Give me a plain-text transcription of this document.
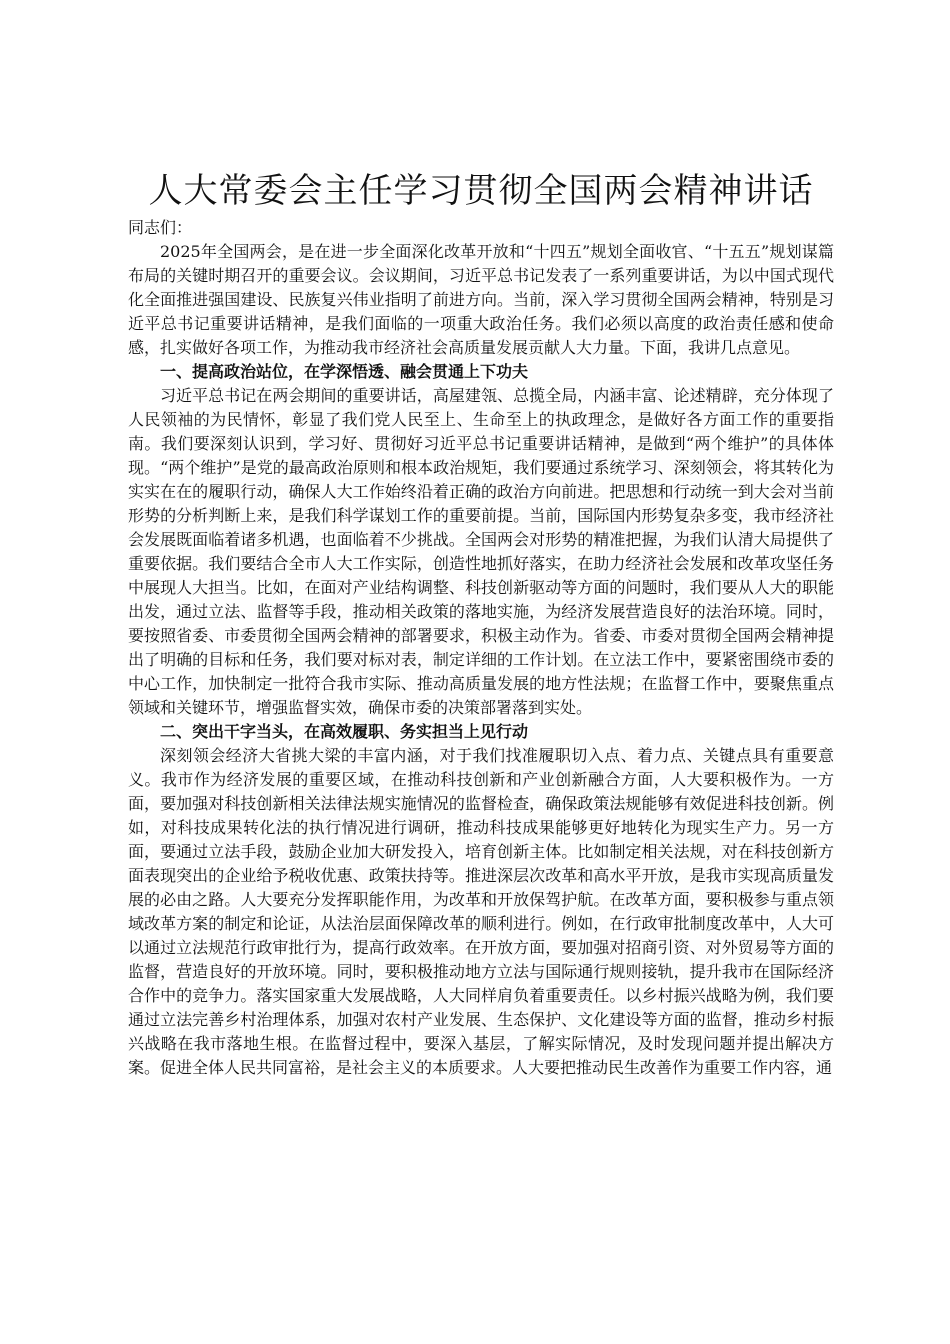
人大常委会主任学习贯彻全国两会精神讲话

同志们：

2025年全国两会，是在进一步全面深化改革开放和“十四五”规划全面收官、“十五五”规划谋篇布局的关键时期召开的重要会议。会议期间，习近平总书记发表了一系列重要讲话，为以中国式现代化全面推进强国建设、民族复兴伟业指明了前进方向。当前，深入学习贯彻全国两会精神，特别是习近平总书记重要讲话精神，是我们面临的一项重大政治任务。我们必须以高度的政治责任感和使命感，扎实做好各项工作，为推动我市经济社会高质量发展贡献人大力量。下面，我讲几点意见。

一、提高政治站位，在学深悟透、融会贯通上下功夫

习近平总书记在两会期间的重要讲话，高屋建瓴、总揽全局，内涵丰富、论述精辟，充分体现了人民领袖的为民情怀，彰显了我们党人民至上、生命至上的执政理念，是做好各方面工作的重要指南。我们要深刻认识到，学习好、贯彻好习近平总书记重要讲话精神，是做到“两个维护”的具体体现。“两个维护”是党的最高政治原则和根本政治规矩，我们要通过系统学习、深刻领会，将其转化为实实在在的履职行动，确保人大工作始终沿着正确的政治方向前进。把思想和行动统一到大会对当前形势的分析判断上来，是我们科学谋划工作的重要前提。当前，国际国内形势复杂多变，我市经济社会发展既面临着诸多机遇，也面临着不少挑战。全国两会对形势的精准把握，为我们认清大局提供了重要依据。我们要结合全市人大工作实际，创造性地抓好落实，在助力经济社会发展和改革攻坚任务中展现人大担当。比如，在面对产业结构调整、科技创新驱动等方面的问题时，我们要从人大的职能出发，通过立法、监督等手段，推动相关政策的落地实施，为经济发展营造良好的法治环境。同时，要按照省委、市委贯彻全国两会精神的部署要求，积极主动作为。省委、市委对贯彻全国两会精神提出了明确的目标和任务，我们要对标对表，制定详细的工作计划。在立法工作中，要紧密围绕市委的中心工作，加快制定一批符合我市实际、推动高质量发展的地方性法规；在监督工作中，要聚焦重点领域和关键环节，增强监督实效，确保市委的决策部署落到实处。

二、突出干字当头，在高效履职、务实担当上见行动

深刻领会经济大省挑大梁的丰富内涵，对于我们找准履职切入点、着力点、关键点具有重要意义。我市作为经济发展的重要区域，在推动科技创新和产业创新融合方面，人大要积极作为。一方面，要加强对科技创新相关法律法规实施情况的监督检查，确保政策法规能够有效促进科技创新。例如，对科技成果转化法的执行情况进行调研，推动科技成果能够更好地转化为现实生产力。另一方面，要通过立法手段，鼓励企业加大研发投入，培育创新主体。比如制定相关法规，对在科技创新方面表现突出的企业给予税收优惠、政策扶持等。推进深层次改革和高水平开放，是我市实现高质量发展的必由之路。人大要充分发挥职能作用，为改革和开放保驾护航。在改革方面，要积极参与重点领域改革方案的制定和论证，从法治层面保障改革的顺利进行。例如，在行政审批制度改革中，人大可以通过立法规范行政审批行为，提高行政效率。在开放方面，要加强对招商引资、对外贸易等方面的监督，营造良好的开放环境。同时，要积极推动地方立法与国际通行规则接轨，提升我市在国际经济合作中的竞争力。落实国家重大发展战略，人大同样肩负着重要责任。以乡村振兴战略为例，我们要通过立法完善乡村治理体系，加强对农村产业发展、生态保护、文化建设等方面的监督，推动乡村振兴战略在我市落地生根。在监督过程中，要深入基层，了解实际情况，及时发现问题并提出解决方案。促进全体人民共同富裕，是社会主义的本质要求。人大要把推动民生改善作为重要工作内容，通
